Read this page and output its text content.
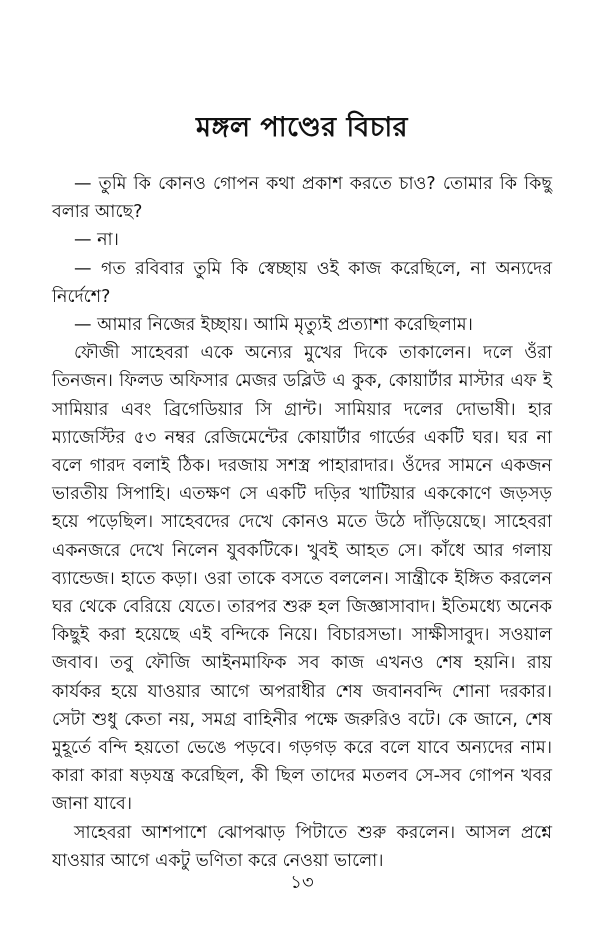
মঙ্গল পাণ্ডের বিচার

— তুমি কি কোনও গোপন কথা প্রকাশ করতে চাও? তোমার কি কিছু বলার আছে?

— না।

— গত রবিবার তুমি কি স্বেচ্ছায় ওই কাজ করেছিলে, না অন্যদের নির্দেশে?

— আমার নিজের ইচ্ছায়। আমি মৃত্যুই প্রত্যাশা করেছিলাম।

ফৌজী সাহেবরা একে অন্যের মুখের দিকে তাকালেন। দলে ওঁরা তিনজন। ফিলড অফিসার মেজর ডব্লিউ এ কুক, কোয়ার্টার মাস্টার এফ ই সামিয়ার এবং ব্রিগেডিয়ার সি গ্রান্ট। সামিয়ার দলের দোভাষী। হার ম্যাজেস্টির ৫৩ নম্বর রেজিমেন্টের কোয়ার্টার গার্ডের একটি ঘর। ঘর না বলে গারদ বলাই ঠিক। দরজায় সশস্ত্র পাহারাদার। ওঁদের সামনে একজন ভারতীয় সিপাহি। এতক্ষণ সে একটি দড়ির খাটিয়ার এককোণে জড়সড় হয়ে পড়েছিল। সাহেবদের দেখে কোনও মতে উঠে দাঁড়িয়েছে। সাহেবরা একনজরে দেখে নিলেন যুবকটিকে। খুবই আহত সে। কাঁধে আর গলায় ব্যান্ডেজ। হাতে কড়া। ওরা তাকে বসতে বললেন। সান্ত্রীকে ইঙ্গিত করলেন ঘর থেকে বেরিয়ে যেতে। তারপর শুরু হল জিজ্ঞাসাবাদ। ইতিমধ্যে অনেক কিছুই করা হয়েছে এই বন্দিকে নিয়ে। বিচারসভা। সাক্ষীসাবুদ। সওয়াল জবাব। তবু ফৌজি আইনমাফিক সব কাজ এখনও শেষ হয়নি। রায় কার্যকর হয়ে যাওয়ার আগে অপরাধীর শেষ জবানবন্দি শোনা দরকার। সেটা শুধু কেতা নয়, সমগ্র বাহিনীর পক্ষে জরুরিও বটে। কে জানে, শেষ মুহূর্তে বন্দি হয়তো ভেঙে পড়বে। গড়গড় করে বলে যাবে অন্যদের নাম। কারা কারা ষড়যন্ত্র করেছিল, কী ছিল তাদের মতলব সে-সব গোপন খবর জানা যাবে।

সাহেবরা আশপাশে ঝোপঝাড় পিটাতে শুরু করলেন। আসল প্রশ্নে যাওয়ার আগে একটু ভণিতা করে নেওয়া ভালো।

১৩
